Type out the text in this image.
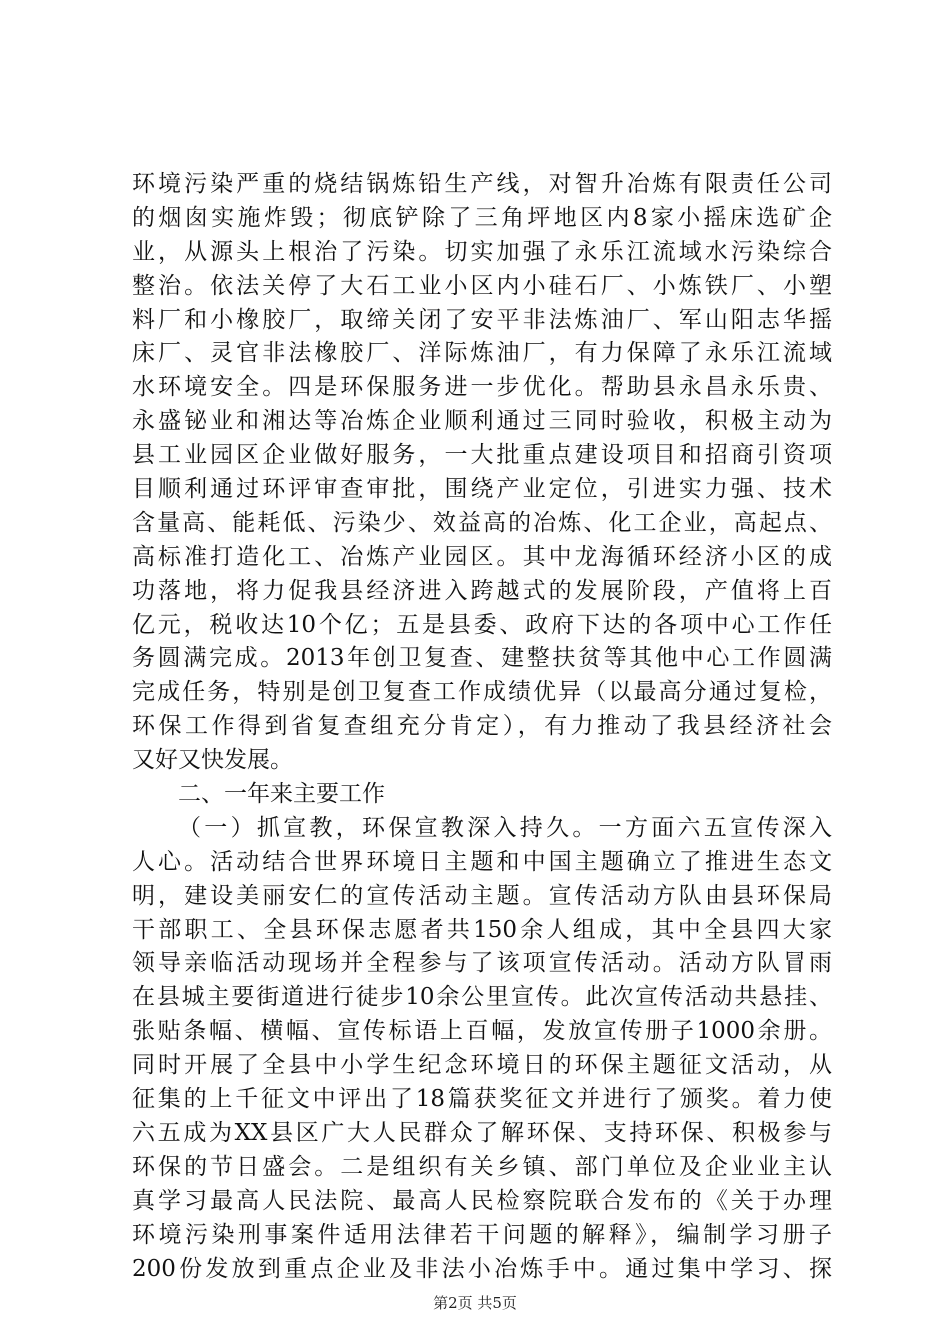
环境污染严重的烧结锅炼铅生产线，对智升冶炼有限责任公司
的烟囱实施炸毁；彻底铲除了三角坪地区内8家小摇床选矿企
业，从源头上根治了污染。切实加强了永乐江流域水污染综合
整治。依法关停了大石工业小区内小硅石厂、小炼铁厂、小塑
料厂和小橡胶厂，取缔关闭了安平非法炼油厂、军山阳志华摇
床厂、灵官非法橡胶厂、洋际炼油厂，有力保障了永乐江流域
水环境安全。四是环保服务进一步优化。帮助县永昌永乐贵、
永盛铋业和湘达等冶炼企业顺利通过三同时验收，积极主动为
县工业园区企业做好服务，一大批重点建设项目和招商引资项
目顺利通过环评审查审批，围绕产业定位，引进实力强、技术
含量高、能耗低、污染少、效益高的冶炼、化工企业，高起点、
高标准打造化工、冶炼产业园区。其中龙海循环经济小区的成
功落地，将力促我县经济进入跨越式的发展阶段，产值将上百
亿元，税收达10个亿；五是县委、政府下达的各项中心工作任
务圆满完成。2013年创卫复查、建整扶贫等其他中心工作圆满
完成任务，特别是创卫复查工作成绩优异（以最高分通过复检，
环保工作得到省复查组充分肯定），有力推动了我县经济社会
又好又快发展。
二、一年来主要工作
（一）抓宣教，环保宣教深入持久。一方面六五宣传深入
人心。活动结合世界环境日主题和中国主题确立了推进生态文
明，建设美丽安仁的宣传活动主题。宣传活动方队由县环保局
干部职工、全县环保志愿者共150余人组成，其中全县四大家
领导亲临活动现场并全程参与了该项宣传活动。活动方队冒雨
在县城主要街道进行徒步10余公里宣传。此次宣传活动共悬挂、
张贴条幅、横幅、宣传标语上百幅，发放宣传册子1000余册。
同时开展了全县中小学生纪念环境日的环保主题征文活动，从
征集的上千征文中评出了18篇获奖征文并进行了颁奖。着力使
六五成为XX县区广大人民群众了解环保、支持环保、积极参与
环保的节日盛会。二是组织有关乡镇、部门单位及企业业主认
真学习最高人民法院、最高人民检察院联合发布的《关于办理
环境污染刑事案件适用法律若干问题的解释》，编制学习册子
200份发放到重点企业及非法小冶炼手中。通过集中学习、探
第2页 共5页
